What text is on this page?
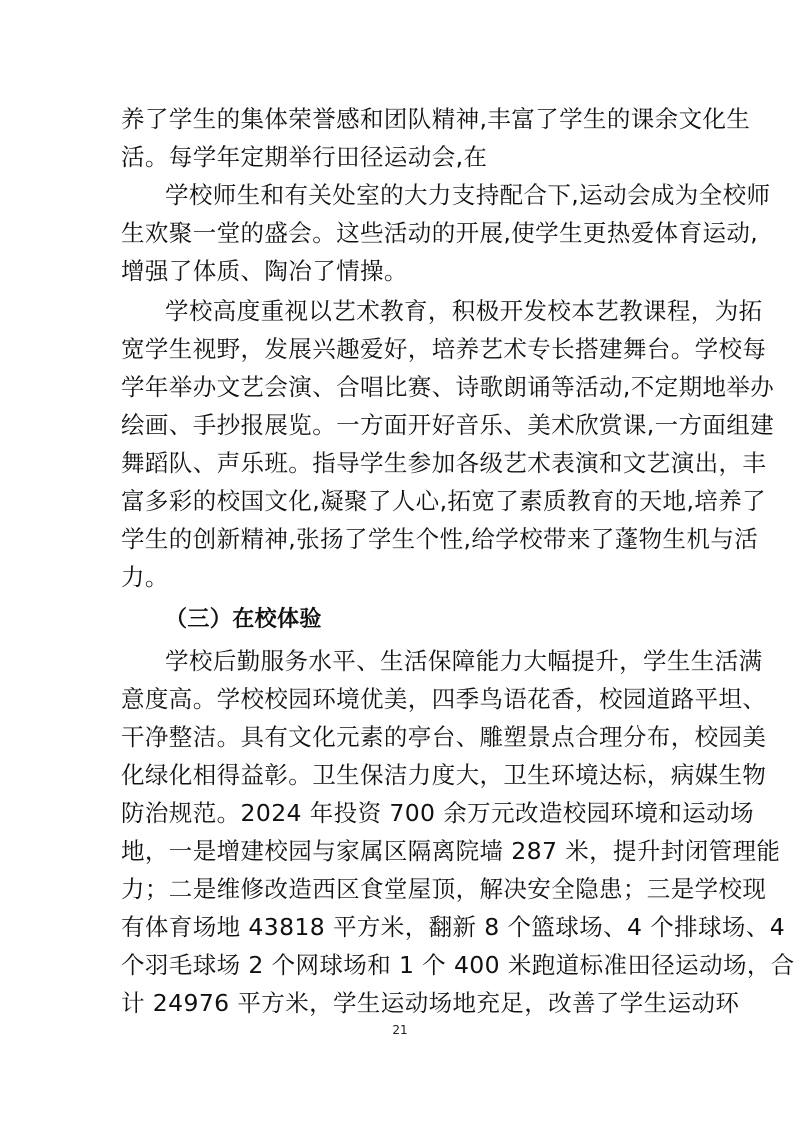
养了学生的集体荣誉感和团队精神,丰富了学生的课余文化生
活。每学年定期举行田径运动会,在
学校师生和有关处室的大力支持配合下,运动会成为全校师
生欢聚一堂的盛会。这些活动的开展,使学生更热爱体育运动,
增强了体质、陶冶了情操。
学校高度重视以艺术教育，积极开发校本艺教课程，为拓
宽学生视野，发展兴趣爱好，培养艺术专长搭建舞台。学校每
学年举办文艺会演、合唱比赛、诗歌朗诵等活动,不定期地举办
绘画、手抄报展览。一方面开好音乐、美术欣赏课,一方面组建
舞蹈队、声乐班。指导学生参加各级艺术表演和文艺演出，丰
富多彩的校国文化,凝聚了人心,拓宽了素质教育的天地,培养了
学生的创新精神,张扬了学生个性,给学校带来了蓬物生机与活
力。
（三）在校体验
学校后勤服务水平、生活保障能力大幅提升，学生生活满
意度高。学校校园环境优美，四季鸟语花香，校园道路平坦、
干净整洁。具有文化元素的亭台、雕塑景点合理分布，校园美
化绿化相得益彰。卫生保洁力度大，卫生环境达标，病媒生物
防治规范。2024 年投资 700 余万元改造校园环境和运动场
地，一是增建校园与家属区隔离院墙 287 米，提升封闭管理能
力；二是维修改造西区食堂屋顶，解决安全隐患；三是学校现
有体育场地 43818 平方米，翻新 8 个篮球场、4 个排球场、4
个羽毛球场 2 个网球场和 1 个 400 米跑道标准田径运动场，合
计 24976 平方米，学生运动场地充足，改善了学生运动环
21
